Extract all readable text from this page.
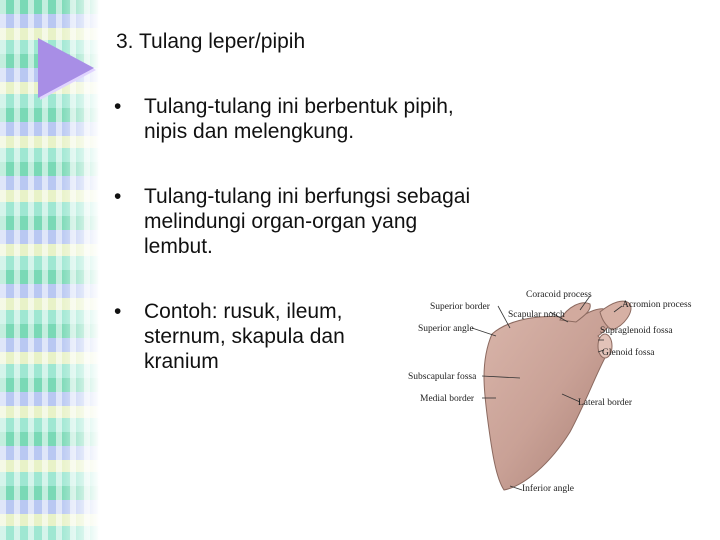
3. Tulang leper/pipih
• Tulang-tulang ini berbentuk pipih, nipis dan melengkung.
• Tulang-tulang ini berfungsi sebagai melindungi organ-organ yang lembut.
• Contoh: rusuk, ileum, sternum, skapula dan kranium
Coracoid process
Acromion process
Superior border
Scapular notch
Superior angle	Supraglenoid fossa
Glenoid fossa
Subscapular fossa
Medial border	Lateral border
Inferior angle
